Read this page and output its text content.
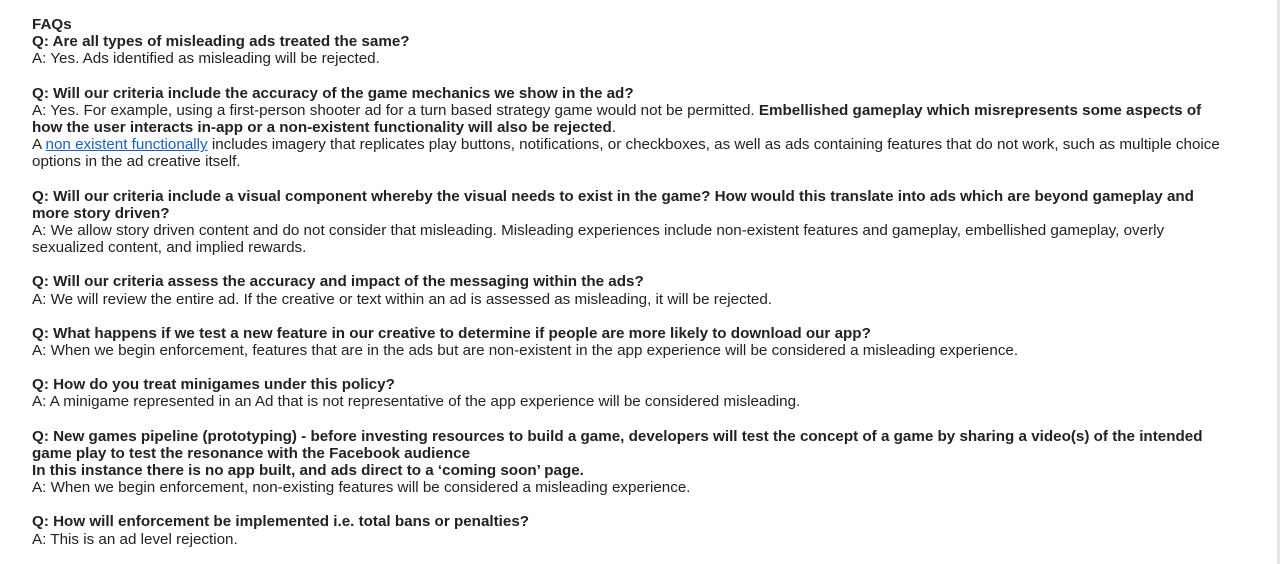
FAQs
Q: Are all types of misleading ads treated the same?
A: Yes. Ads identified as misleading will be rejected.
Q: Will our criteria include the accuracy of the game mechanics we show in the ad?
A: Yes. For example, using a first-person shooter ad for a turn based strategy game would not be permitted. Embellished gameplay which misrepresents some aspects of how the user interacts in-app or a non-existent functionality will also be rejected.
A non existent functionally includes imagery that replicates play buttons, notifications, or checkboxes, as well as ads containing features that do not work, such as multiple choice options in the ad creative itself.
Q: Will our criteria include a visual component whereby the visual needs to exist in the game? How would this translate into ads which are beyond gameplay and more story driven?
A: We allow story driven content and do not consider that misleading. Misleading experiences include non-existent features and gameplay, embellished gameplay, overly sexualized content, and implied rewards.
Q: Will our criteria assess the accuracy and impact of the messaging within the ads?
A: We will review the entire ad. If the creative or text within an ad is assessed as misleading, it will be rejected.
Q: What happens if we test a new feature in our creative to determine if people are more likely to download our app?
A: When we begin enforcement, features that are in the ads but are non-existent in the app experience will be considered a misleading experience.
Q: How do you treat minigames under this policy?
A: A minigame represented in an Ad that is not representative of the app experience will be considered misleading.
Q: New games pipeline (prototyping) - before investing resources to build a game, developers will test the concept of a game by sharing a video(s) of the intended game play to test the resonance with the Facebook audience
In this instance there is no app built, and ads direct to a ‘coming soon’ page.
A: When we begin enforcement, non-existing features will be considered a misleading experience.
Q: How will enforcement be implemented i.e. total bans or penalties?
A: This is an ad level rejection.
